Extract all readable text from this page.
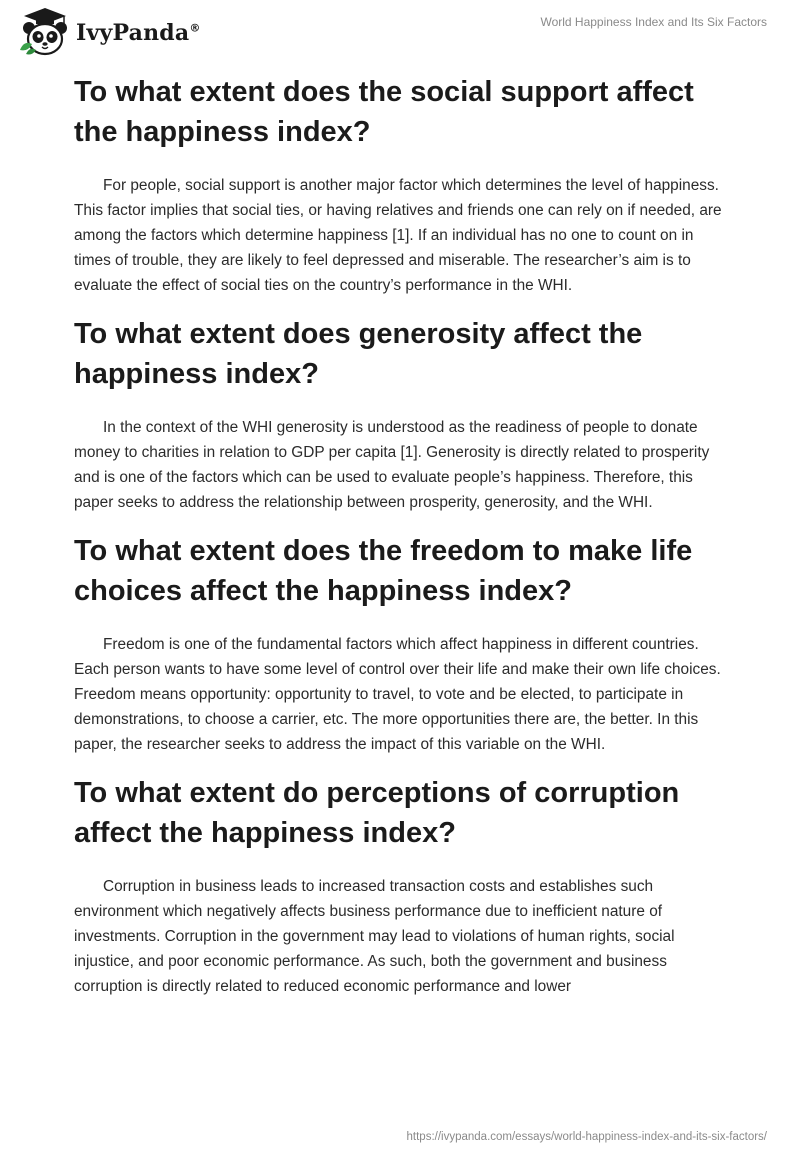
IvyPanda®	World Happiness Index and Its Six Factors
To what extent does the social support affect the happiness index?

For people, social support is another major factor which determines the level of happiness. This factor implies that social ties, or having relatives and friends one can rely on if needed, are among the factors which determine happiness [1]. If an individual has no one to count on in times of trouble, they are likely to feel depressed and miserable. The researcher’s aim is to evaluate the effect of social ties on the country’s performance in the WHI.

To what extent does generosity affect the happiness index?

In the context of the WHI generosity is understood as the readiness of people to donate money to charities in relation to GDP per capita [1]. Generosity is directly related to prosperity and is one of the factors which can be used to evaluate people’s happiness. Therefore, this paper seeks to address the relationship between prosperity, generosity, and the WHI.

To what extent does the freedom to make life choices affect the happiness index?

Freedom is one of the fundamental factors which affect happiness in different countries. Each person wants to have some level of control over their life and make their own life choices. Freedom means opportunity: opportunity to travel, to vote and be elected, to participate in demonstrations, to choose a carrier, etc. The more opportunities there are, the better. In this paper, the researcher seeks to address the impact of this variable on the WHI.

To what extent do perceptions of corruption affect the happiness index?

Corruption in business leads to increased transaction costs and establishes such environment which negatively affects business performance due to inefficient nature of investments. Corruption in the government may lead to violations of human rights, social injustice, and poor economic performance. As such, both the government and business corruption is directly related to reduced economic performance and lower

https://ivypanda.com/essays/world-happiness-index-and-its-six-factors/
